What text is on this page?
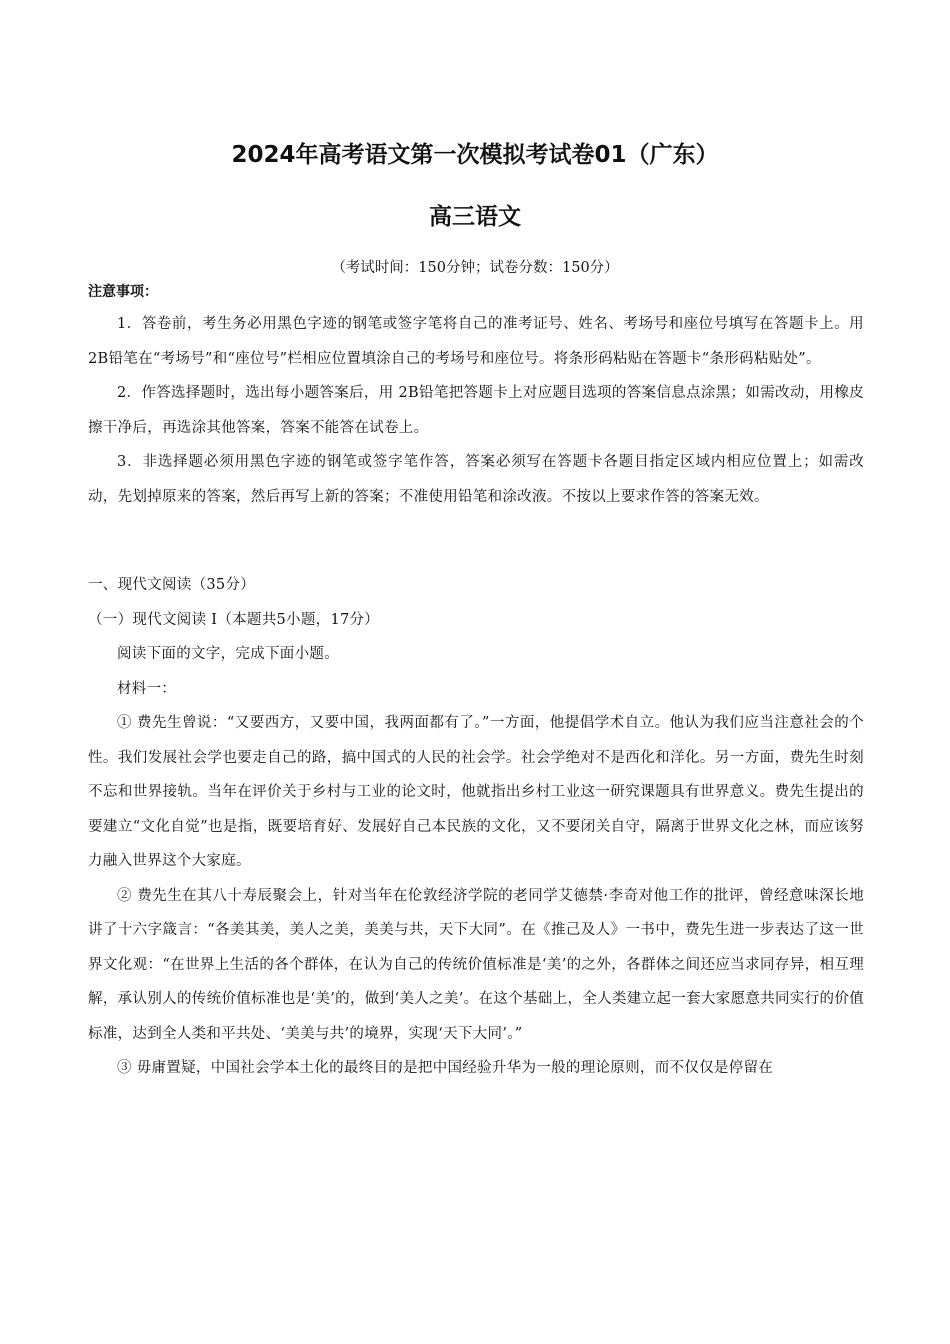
2024年高考语文第一次模拟考试卷01（广东）
高三语文

（考试时间：150分钟；试卷分数：150分）

注意事项：

1．答卷前，考生务必用黑色字迹的钢笔或签字笔将自己的准考证号、姓名、考场号和座位号填写在答题卡上。用2B铅笔在“考场号”和“座位号”栏相应位置填涂自己的考场号和座位号。将条形码粘贴在答题卡“条形码粘贴处”。

2．作答选择题时，选出每小题答案后，用 2B铅笔把答题卡上对应题目选项的答案信息点涂黑；如需改动，用橡皮擦干净后，再选涂其他答案，答案不能答在试卷上。

3．非选择题必须用黑色字迹的钢笔或签字笔作答，答案必须写在答题卡各题目指定区域内相应位置上；如需改动，先划掉原来的答案，然后再写上新的答案；不准使用铅笔和涂改液。不按以上要求作答的答案无效。

一、现代文阅读（35分）

（一）现代文阅读 I（本题共5小题，17分）

阅读下面的文字，完成下面小题。

材料一：

① 费先生曾说：“又要西方，又要中国，我两面都有了。”一方面，他提倡学术自立。他认为我们应当注意社会的个性。我们发展社会学也要走自己的路，搞中国式的人民的社会学。社会学绝对不是西化和洋化。另一方面，费先生时刻不忘和世界接轨。当年在评价关于乡村与工业的论文时，他就指出乡村工业这一研究课题具有世界意义。费先生提出的要建立“文化自觉”也是指，既要培育好、发展好自己本民族的文化，又不要闭关自守，隔离于世界文化之林，而应该努力融入世界这个大家庭。

② 费先生在其八十寿辰聚会上，针对当年在伦敦经济学院的老同学艾德禁·李奇对他工作的批评，曾经意味深长地讲了十六字箴言：“各美其美，美人之美，美美与共，天下大同”。在《推己及人》一书中，费先生进一步表达了这一世界文化观：“在世界上生活的各个群体，在认为自己的传统价值标准是‘美’的之外，各群体之间还应当求同存异，相互理解，承认别人的传统价值标准也是‘美’的，做到‘美人之美’。在这个基础上，全人类建立起一套大家愿意共同实行的价值标准，达到全人类和平共处、‘美美与共’的境界，实现‘天下大同’。”

③ 毋庸置疑，中国社会学本土化的最终目的是把中国经验升华为一般的理论原则，而不仅仅是停留在
